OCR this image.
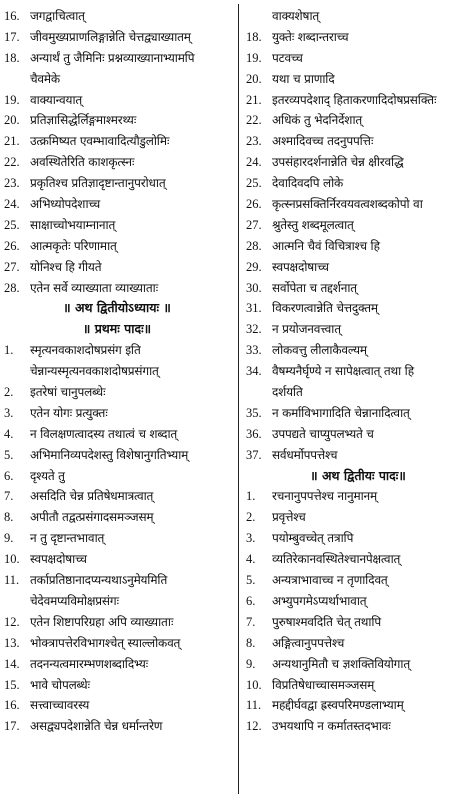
16. जगद्वाचित्वात्
17. जीवमुख्यप्राणलिङ्गान्नेति चेत्तद्व्याख्यातम्
18. अन्यार्थं तु जैमिनिः प्रश्नव्याख्यानाभ्यामपि
चैवमेके
19. वाक्यान्वयात्
20. प्रतिज्ञासिद्धेर्लिङ्गमाश्मरथ्यः
21. उत्क्रमिष्यत एवम्भावादित्यौडुलोमिः
22. अवस्थितेरिति काशकृत्स्नः
23. प्रकृतिश्च प्रतिज्ञादृष्टान्तानुपरोधात्
24. अभिध्योपदेशाच्च
25. साक्षाच्चोभयाम्नानात्
26. आत्मकृतेः परिणामात्
27. योनिश्च हि गीयते
28. एतेन सर्वे व्याख्याता व्याख्याताः
॥ अथ द्वितीयोऽध्यायः ॥
॥ प्रथमः पादः॥
1.	स्मृत्यनवकाशदोषप्रसंग इति
चेन्नान्यस्मृत्यनवकाशदोषप्रसंगात्
2.	इतरेषां चानुपलब्धेः
3.	एतेन योगः प्रत्युक्तः
4.	न विलक्षणत्वादस्य तथात्वं च शब्दात्
5.	अभिमानिव्यपदेशस्तु विशेषानुगतिभ्याम्
6.	दृश्यते तु
7.	असदिति चेन्न प्रतिषेधमात्रत्वात्
8.	अपीतौ तद्वत्प्रसंगादसमञ्जसम्
9.	न तु दृष्टान्तभावात्
10. स्वपक्षदोषाच्च
11. तर्काप्रतिष्ठानादप्यन्यथाऽनुमेयमिति
चेदेवमप्यविमोक्षप्रसंगः
12. एतेन शिष्टापरिग्रहा अपि व्याख्याताः
13. भोक्त्रापत्तेरविभागश्चेत् स्याल्लोकवत्
14. तदनन्यत्वमारम्भणशब्दादिभ्यः
15. भावे चोपलब्धेः
16. सत्त्वाच्चावरस्य
17. असद्व्यपदेशान्नेति चेन्न धर्मान्तरेण
वाक्यशेषात्
18. युक्तेः शब्दान्तराच्च
19. पटवच्च
20. यथा च प्राणादि
21. इतरव्यपदेशाद् हिताकरणादिदोषप्रसक्तिः
22. अधिकं तु भेदनिर्देशात्
23. अश्मादिवच्च तदनुपपत्तिः
24. उपसंहारदर्शनान्नेति चेन्न क्षीरवद्धि
25. देवादिवदपि लोके
26. कृत्स्नप्रसक्तिर्निरवयवत्वशब्दकोपो वा
27. श्रुतेस्तु शब्दमूलत्वात्
28. आत्मनि चैवं विचित्राश्च हि
29. स्वपक्षदोषाच्च
30. सर्वोपेता च तद्दर्शनात्
31. विकरणत्वान्नेति चेत्तदुक्तम्
32. न प्रयोजनवत्त्वात्
33. लोकवत्तु लीलाकैवल्यम्
34. वैषम्यनैर्घृण्ये न सापेक्षत्वात् तथा हि
दर्शयति
35. न कर्माविभागादिति चेन्नानादित्वात्
36. उपपद्यते चाप्युपलभ्यते च
37. सर्वधर्मोपपत्तेश्च
॥ अथ द्वितीयः पादः॥
1.	रचनानुपपत्तेश्च नानुमानम्
2.	प्रवृत्तेश्च
3.	पयोम्बुवच्चेत् तत्रापि
4.	व्यतिरेकानवस्थितेश्चानपेक्षत्वात्
5.	अन्यत्राभावाच्च न तृणादिवत्
6.	अभ्युपगमेऽप्यर्थाभावात्
7.	पुरुषाश्मवदिति चेत् तथापि
8.	अङ्गित्वानुपपत्तेश्च
9.	अन्यथानुमितौ च ज्ञशक्तिवियोगात्
10. विप्रतिषेधाच्चासमञ्जसम्
11. महद्दीर्घवद्वा ह्रस्वपरिमण्डलाभ्याम्
12. उभयथापि न कर्मातस्तदभावः
